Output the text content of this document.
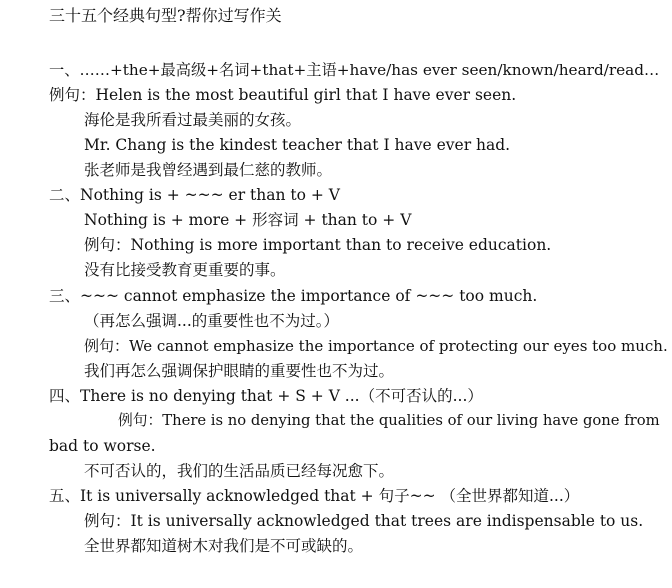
三十五个经典句型?帮你过写作关
一、……+the+最高级+名词+that+主语+have/has ever seen/known/heard/read…
例句：Helen is the most beautiful girl that I have ever seen.
海伦是我所看过最美丽的女孩。
Mr. Chang is the kindest teacher that I have ever had.
张老师是我曾经遇到最仁慈的教师。
二、Nothing is + ~~~ er than to + V
Nothing is + more + 形容词 + than to + V
例句：Nothing is more important than to receive education.
没有比接受教育更重要的事。
三、~~~ cannot emphasize the importance of ~~~ too much.
（再怎么强调...的重要性也不为过。）
例句：We cannot emphasize the importance of protecting our eyes too much.
我们再怎么强调保护眼睛的重要性也不为过。
四、There is no denying that + S + V ...（不可否认的...）
例句：There is no denying that the qualities of our living have gone from
bad to worse.
不可否认的，我们的生活品质已经每况愈下。
五、It is universally acknowledged that + 句子~~ （全世界都知道...）
例句：It is universally acknowledged that trees are indispensable to us.
全世界都知道树木对我们是不可或缺的。
